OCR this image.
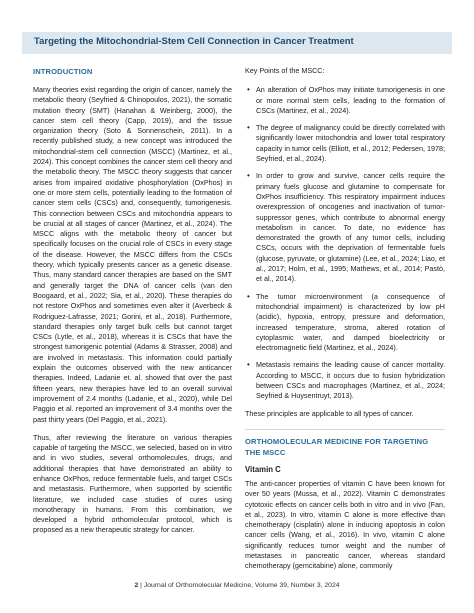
Targeting the Mitochondrial-Stem Cell Connection in Cancer Treatment
INTRODUCTION

Many theories exist regarding the origin of cancer, namely the metabolic theory (Seyfried & Chinopoulos, 2021), the somatic mutation theory (SMT) (Hanahan & Weinberg, 2000), the cancer stem cell theory (Capp, 2019), and the tissue organization theory (Soto & Sonnenschein, 2011). In a recently published study, a new concept was introduced the mitochondrial-stem cell connection (MSCC) (Martinez, et al., 2024). This concept combines the cancer stem cell theory and the metabolic theory. The MSCC theory suggests that cancer arises from impaired oxidative phosphorylation (OxPhos) in one or more stem cells, potentially leading to the formation of cancer stem cells (CSCs) and, consequently, tumorigenesis. This connection between CSCs and mitochondria appears to be crucial at all stages of cancer (Martinez, et al., 2024). The MSCC aligns with the metabolic theory of cancer but specifically focuses on the crucial role of CSCs in every stage of the disease. However, the MSCC differs from the CSCs theory, which typically presents cancer as a genetic disease. Thus, many standard cancer therapies are based on the SMT and generally target the DNA of cancer cells (van den Boogaard, et al., 2022; Sia, et al., 2020). These therapies do not restore OxPhos and sometimes even alter it (Averbeck & Rodriguez-Lafrasse, 2021; Gorini, et al., 2018). Furthermore, standard therapies only target bulk cells but cannot target CSCs (Lytle, et al., 2018), whereas it is CSCs that have the strongest tumorigenic potential (Adams & Strasser, 2008) and are involved in metastasis. This information could partially explain the outcomes observed with the new anticancer therapies. Indeed, Ladanie et. al. showed that over the past fifteen years, new therapies have led to an overall survival improvement of 2.4 months (Ladanie, et al., 2020), while Del Paggio et al. reported an improvement of 3.4 months over the past thirty years (Del Paggio, et al., 2021).

Thus, after reviewing the literature on various therapies capable of targeting the MSCC, we selected, based on in vitro and in vivo studies, several orthomolecules, drugs, and additional therapies that have demonstrated an ability to enhance OxPhos, reduce fermentable fuels, and target CSCs and metastasis. Furthermore, when supported by scientific literature, we included case studies of cures using monotherapy in humans. From this combination, we developed a hybrid orthomolecular protocol, which is proposed as a new therapeutic strategy for cancer.

Key Points of the MSCC:

• An alteration of OxPhos may initiate tumorigenesis in one or more normal stem cells, leading to the formation of CSCs (Martinez, et al., 2024).
• The degree of malignancy could be directly correlated with significantly lower mitochondria and lower total respiratory capacity in tumor cells (Elliott, et al., 2012; Pedersen, 1978; Seyfried, et al., 2024).
• In order to grow and survive, cancer cells require the primary fuels glucose and glutamine to compensate for OxPhos insufficiency. This respiratory impairment induces overexpression of oncogenes and inactivation of tumor-suppressor genes, which contribute to abnormal energy metabolism in cancer. To date, no evidence has demonstrated the growth of any tumor cells, including CSCs, occurs with the deprivation of fermentable fuels (glucose, pyruvate, or glutamine) (Lee, et al., 2024; Liao, et al., 2017; Holm, et al., 1995; Mathews, et al., 2014; Pastò, et al., 2014).
• The tumor microenvironment (a consequence of mitochondrial impairment) is characterized by low pH (acidic), hypoxia, entropy, pressure and deformation, increased temperature, stroma, altered rotation of cytoplasmic water, and damped bioelectricity or electromagnetic field (Martinez, et al., 2024).
• Metastasis remains the leading cause of cancer mortality. According to MSCC, it occurs due to fusion hybridization between CSCs and macrophages (Martinez, et al., 2024; Seyfried & Huysentruyt, 2013).

These principles are applicable to all types of cancer.

ORTHOMOLECULAR MEDICINE FOR TARGETING THE MSCC
Vitamin C

The anti-cancer properties of vitamin C have been known for over 50 years (Mussa, et al., 2022). Vitamin C demonstrates cytotoxic effects on cancer cells both in vitro and in vivo (Fan, et al., 2023). In vitro, vitamin C alone is more effective than chemotherapy (cisplatin) alone in inducing apoptosis in colon cancer cells (Wang, et al., 2016). In vivo, vitamin C alone significantly reduces tumor weight and the number of metastases in pancreatic cancer, whereas standard chemotherapy (gemcitabine) alone, commonly

2 | Journal of Orthomolecular Medicine, Volume 39, Number 3, 2024
